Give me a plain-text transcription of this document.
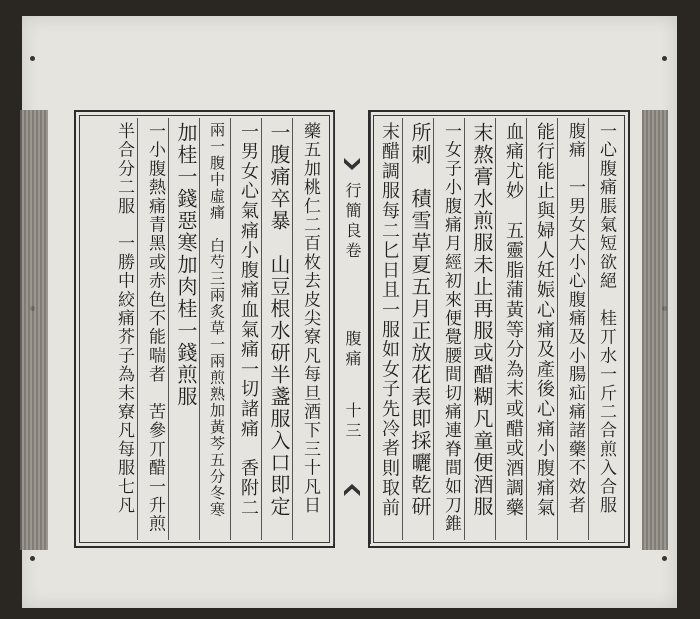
行簡良卷
腹痛
十三	一心腹痛脹氣短欲絕　桂丌水一斤二合煎入合服
腹痛　一男女大小心腹痛及小腸疝痛諸藥不效者
能行能止與婦人妊娠心痛及產後心痛小腹痛氣
血痛尤妙　五靈脂蒲黃等分為末或醋或酒調藥
末熬膏水煎服未止再服或醋糊凡童便酒服
一女子小腹痛月經初來便覺腰間切痛連脊間如刀錐
所刺　積雪草夏五月正放花表即採曬乾研
末醋調服每二匕日且一服如女子先冷者則取前
藥五加桃仁二百枚去皮尖寮凡每旦酒下三十凡日
一腹痛卒暴　山豆根水研半盞服入口即定
一男女心氣痛小腹痛血氣痛一切諸痛　香附二
兩一腹中虛痛　白芍三兩炙草一兩煎熟加黃芩五分冬寒
加桂一錢惡寒加肉桂一錢煎服
一小腹熱痛青黑或赤色不能喘者　苦參丌醋一升煎
半合分二服　一勝中絞痛芥子為末寮凡每服七凡
